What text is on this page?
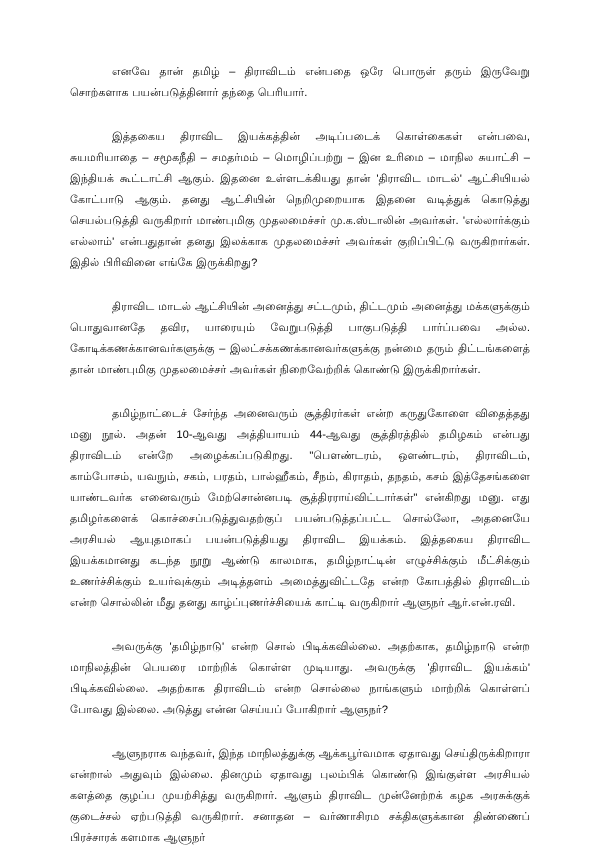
எனவே தான் தமிழ் – திராவிடம் என்பதை ஒரே பொருள் தரும் இருவேறு சொற்களாக பயன்படுத்தினார் தந்தை பெரியார்.

இத்தகைய திராவிட இயக்கத்தின் அடிப்படைக் கொள்கைகள் என்பவை, சுயமரியாதை – சமூகநீதி – சமதர்மம் – மொழிப்பற்று – இன உரிமை – மாநில சுயாட்சி – இந்தியக் கூட்டாட்சி ஆகும். இதனை உள்ளடக்கியது தான் 'திராவிட மாடல்' ஆட்சியியல் கோட்பாடு ஆகும். தனது ஆட்சியின் நெறிமுறையாக இதனை வடித்துக் கொடுத்து செயல்படுத்தி வருகிறார் மாண்புமிகு முதலமைச்சர் மு.க.ஸ்டாலின் அவர்கள். 'எல்லார்க்கும் எல்லாம்' என்பதுதான் தனது இலக்காக முதலமைச்சர் அவர்கள் குறிப்பிட்டு வருகிறார்கள். இதில் பிரிவினை எங்கே இருக்கிறது?

திராவிட மாடல் ஆட்சியின் அனைத்து சட்டமும், திட்டமும் அனைத்து மக்களுக்கும் பொதுவானதே தவிர, யாரையும் வேறுபடுத்தி பாகுபடுத்தி பார்ப்பவை அல்ல. கோடிக்கணக்கானவர்களுக்கு – இலட்சக்கணக்கானவர்களுக்கு நன்மை தரும் திட்டங்களைத் தான் மாண்புமிகு முதலமைச்சர் அவர்கள் நிறைவேற்றிக் கொண்டு இருக்கிறார்கள்.

தமிழ்நாட்டைச் சேர்ந்த அனைவரும் சூத்திரர்கள் என்ற கருதுகோளை விதைத்தது மனு நூல். அதன் 10-ஆவது அத்தியாயம் 44-ஆவது சூத்திரத்தில் தமிழகம் என்பது திராவிடம் என்றே அழைக்கப்படுகிறது. "பௌண்டரம், ஒளண்டரம், திராவிடம், காம்போசம், யவநும், சகம், பரதம், பால்ஹீகம், சீநம், கிராதம், தநதம், கசம் இத்தேசங்களை யாண்டவர்க எனைவரும் மேற்சொன்னபடி சூத்திரராய்விட்டார்கள்" என்கிறது மனு. எது தமிழர்களைக் கொச்சைப்படுத்துவதற்குப் பயன்படுத்தப்பட்ட சொல்லோ, அதனையே அரசியல் ஆயுதமாகப் பயன்படுத்தியது திராவிட இயக்கம். இத்தகைய திராவிட இயக்கமானது கடந்த நூறு ஆண்டு காலமாக, தமிழ்நாட்டின் எழுச்சிக்கும் மீட்சிக்கும் உணர்ச்சிக்கும் உயர்வுக்கும் அடித்தளம் அமைத்துவிட்டதே என்ற கோபத்தில் திராவிடம் என்ற சொல்லின் மீது தனது காழ்ப்புணர்ச்சியைக் காட்டி வருகிறார் ஆளுநர் ஆர்.என்.ரவி.

அவருக்கு 'தமிழ்நாடு' என்ற சொல் பிடிக்கவில்லை. அதற்காக, தமிழ்நாடு என்ற மாநிலத்தின் பெயரை மாற்றிக் கொள்ள முடியாது. அவருக்கு 'திராவிட இயக்கம்' பிடிக்கவில்லை. அதற்காக திராவிடம் என்ற சொல்லை நாங்களும் மாற்றிக் கொள்ளப் போவது இல்லை. அடுத்து என்ன செய்யப் போகிறார் ஆளுநர்?

ஆளுநராக வந்தவர், இந்த மாநிலத்துக்கு ஆக்கபூர்வமாக ஏதாவது செய்திருக்கிறாரா என்றால் அதுவும் இல்லை. தினமும் ஏதாவது புலம்பிக் கொண்டு இங்குள்ள அரசியல் களத்தை குழப்ப முயற்சித்து வருகிறார். ஆளும் திராவிட முன்னேற்றக் கழக அரசுக்குக் குடைச்சல் ஏற்படுத்தி வருகிறார். சனாதன – வர்ணாசிரம சக்திகளுக்கான திண்ணைப் பிரச்சாரக் களமாக ஆளுநர்
